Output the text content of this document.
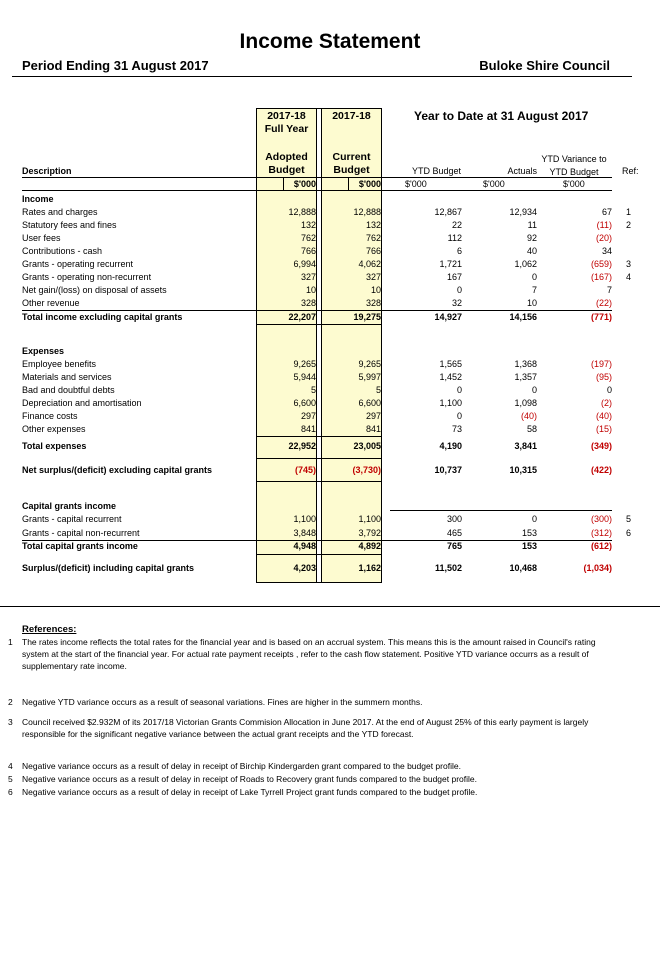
Income Statement
Period Ending 31 August 2017	Buloke Shire Council
2017-18
Full Year
2017-18	Year to Date at 31 August 2017
Adopted Budget
Current Budget
Description	YTD Budget	Actuals
YTD Variance to YTD Budget	Ref:
$'000	$'000	$'000	$'000	$'000
Income
Rates and charges	12,888	12,888	12,867	12,934	67 1
Statutory fees and fines	132	132	22	11	(11) 2
User fees	762	762	112	92	(20)
Contributions - cash	766	766	6	40	34
Grants - operating recurrent	6,994	4,062	1,721	1,062	(659) 3
Grants - operating non-recurrent	327	327	167	0	(167) 4
Net gain/(loss) on disposal of assets	10	10	0	7	7
Other revenue	328	328	32	10	(22)
Total income excluding capital grants	22,207	19,275	14,927	14,156	(771)
Expenses
Employee benefits	9,265	9,265	1,565	1,368	(197)
Materials and services	5,944	5,997	1,452	1,357	(95)
Bad and doubtful debts	5	5	0	0	0
Depreciation and amortisation	6,600	6,600	1,100	1,098	(2)
Finance costs	297	297	0	(40)	(40)
Other expenses	841	841	73	58	(15)
Total expenses	22,952	23,005	4,190	3,841	(349)
Net surplus/(deficit) excluding capital grants	(745)	(3,730)	10,737	10,315	(422)
Capital grants income
Grants - capital recurrent	1,100	1,100	300	0	(300) 5
Grants - capital non-recurrent	3,848	3,792	465	153	(312) 6
Total capital grants income	4,948	4,892	765	153	(612)
Surplus/(deficit) including capital grants	4,203	1,162	11,502	10,468	(1,034)
References:
1 The rates income reflects the total rates for the financial year and is based on an accrual system. This means this is the amount raised in Council's rating system at the start of the financial year. For actual rate payment receipts , refer to the cash flow statement. Positive YTD variance occurrs as a result of supplementary rate income.
2 Negative YTD variance occurs as a result of seasonal variations. Fines are higher in the summern months.
3 Council received $2.932M of its 2017/18 Victorian Grants Commision Allocation in June 2017. At the end of August 25% of this early payment is largely responsible for the significant negative variance between the actual grant receipts and the YTD forecast.
4 Negative variance occurs as a result of delay in receipt of Birchip Kindergarden grant compared to the budget profile.
5 Negative variance occurs as a result of delay in receipt of Roads to Recovery grant funds compared to the budget profile.
6 Negative variance occurs as a result of delay in receipt of Lake Tyrrell Project grant funds compared to the budget profile.
